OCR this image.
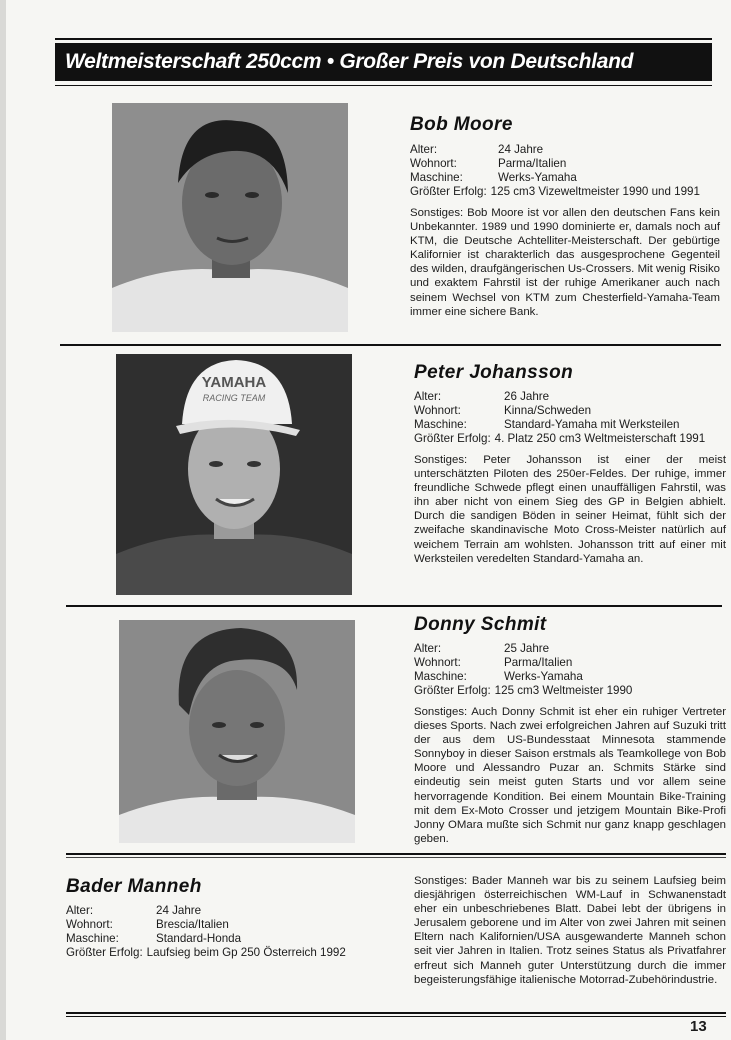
Weltmeisterschaft 250ccm • Großer Preis von Deutschland
Bob Moore
Alter:	24 Jahre
Wohnort:	Parma/Italien
Maschine:	Werks-Yamaha
Größter Erfolg: 125 cm3 Vizeweltmeister 1990 und 1991
Sonstiges: Bob Moore ist vor allen den deutschen Fans kein Unbekannter. 1989 und 1990 dominierte er, damals noch auf KTM, die Deutsche Achtelliter-Meisterschaft. Der gebürtige Kalifornier ist charakterlich das ausgesprochene Gegenteil des wilden, draufgängerischen Us-Crossers. Mit wenig Risiko und exaktem Fahrstil ist der ruhige Amerikaner auch nach seinem Wechsel von KTM zum Chesterfield-Yamaha-Team immer eine sichere Bank.
YAMAHA
RACING TEAM
Peter Johansson
Alter:	26 Jahre
Wohnort:	Kinna/Schweden
Maschine:	Standard-Yamaha mit Werksteilen
Größter Erfolg: 4. Platz 250 cm3 Weltmeisterschaft 1991
Sonstiges: Peter Johansson ist einer der meist unterschätzten Piloten des 250er-Feldes. Der ruhige, immer freundliche Schwede pflegt einen unauffälligen Fahrstil, was ihn aber nicht von einem Sieg des GP in Belgien abhielt. Durch die sandigen Böden in seiner Heimat, fühlt sich der zweifache skandinavische Moto Cross-Meister natürlich auf weichem Terrain am wohlsten. Johansson tritt auf einer mit Werksteilen veredelten Standard-Yamaha an.
Donny Schmit
Alter:	25 Jahre
Wohnort:	Parma/Italien
Maschine:	Werks-Yamaha
Größter Erfolg: 125 cm3 Weltmeister 1990
Sonstiges: Auch Donny Schmit ist eher ein ruhiger Vertreter dieses Sports. Nach zwei erfolgreichen Jahren auf Suzuki tritt der aus dem US-Bundesstaat Minnesota stammende Sonnyboy in dieser Saison erstmals als Teamkollege von Bob Moore und Alessandro Puzar an. Schmits Stärke sind eindeutig sein meist guten Starts und vor allem seine hervorragende Kondition. Bei einem Mountain Bike-Training mit dem Ex-Moto Crosser und jetzigem Mountain Bike-Profi Jonny OMara mußte sich Schmit nur ganz knapp geschlagen geben.
Bader Manneh
Alter:	24 Jahre
Wohnort:	Brescia/Italien
Maschine:	Standard-Honda
Größter Erfolg: Laufsieg beim Gp 250 Österreich 1992
Sonstiges: Bader Manneh war bis zu seinem Laufsieg beim diesjährigen österreichischen WM-Lauf in Schwanenstadt eher ein unbeschriebenes Blatt. Dabei lebt der übrigens in Jerusalem geborene und im Alter von zwei Jahren mit seinen Eltern nach Kalifornien/USA ausgewanderte Manneh schon seit vier Jahren in Italien. Trotz seines Status als Privatfahrer erfreut sich Manneh guter Unterstützung durch die immer begeisterungsfähige italienische Motorrad-Zubehörindustrie.
13
